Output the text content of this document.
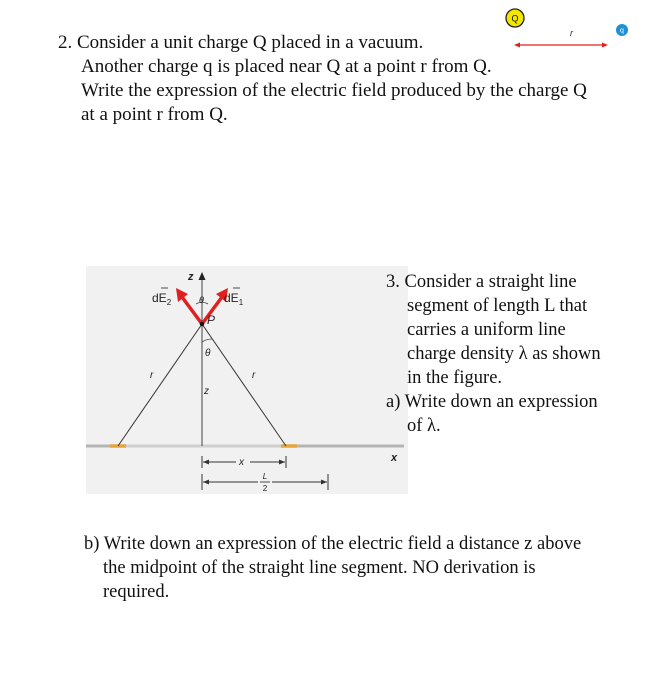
2. Consider a unit charge Q placed in a vacuum.
Another charge q is placed near Q at a point r from Q.
Write the expression of the electric field produced by the charge Q
at a point r from Q.
Q
q
r
x
z
r	r
θ
θ
P
$dE_2$	$dE_1$
z
x
L
2
3. Consider a straight line
segment of length L that
carries a uniform line
charge density λ as shown
in the figure.
a) Write down an expression
of λ.
b) Write down an expression of the electric field a distance z above
the midpoint of the straight line segment. NO derivation is
required.
